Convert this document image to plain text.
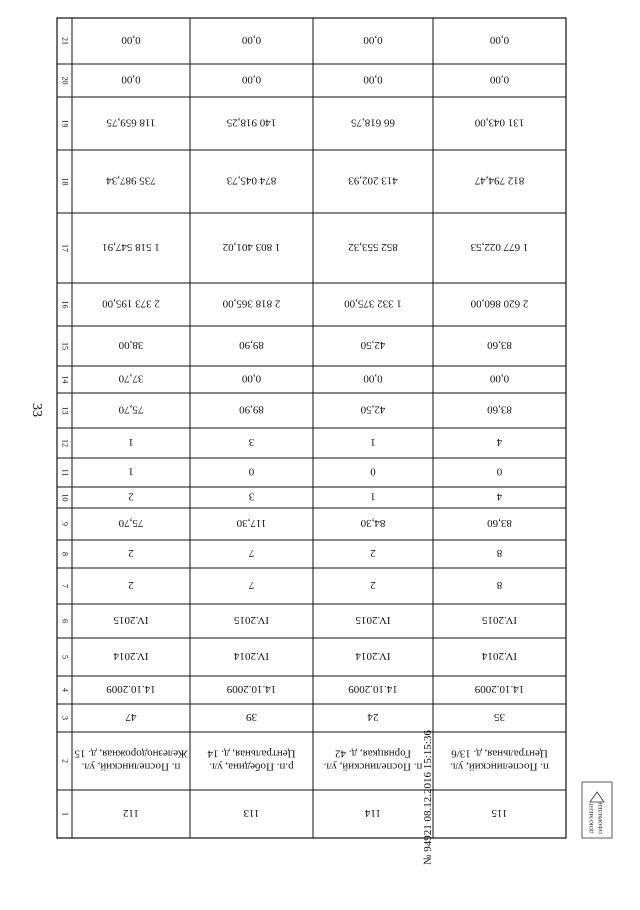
1
2
3
4
5
6
7
8
9
10
11
12
13
14
15
16
17
18
19
20
21
112
п. Поспелинский, ул.Железнодорожная, д. 15
47
14.10.2009
IV.2014
IV.2015
2
2
75,70
2
1
1
75,70
37,70
38,00
2 373 195,00
1 518 547,91
735 987,34
118 659,75
0,00
0,00
113
р.п. Победина, ул.Центральная, д. 14
39
14.10.2009
IV.2014
IV.2015
7
7
117,30
3
0
3
89,90
0,00
89,90
2 818 365,00
1 803 401,02
874 045,73
140 918,25
0,00
0,00
114
п. Поспелинский, ул.Горняцкая, д. 42
24
14.10.2009
IV.2014
IV.2015
2
2
84,30
1
0
1
42,50
0,00
42,50
1 332 375,00
852 553,32
413 202,93
66 618,75
0,00
0,00
115
п. Поспелинский, ул.Центральная, д. 13/6
35
14.10.2009
IV.2014
IV.2015
8
8
83,60
4
0
4
83,60
0,00
83,60
2 620 860,00
1 677 022,53
812 794,47
131 043,00
0,00
0,00
ДОКУМЕНТ ОФОРМЛЕН
33
№ 94921 08.12.2016 15:15:36
